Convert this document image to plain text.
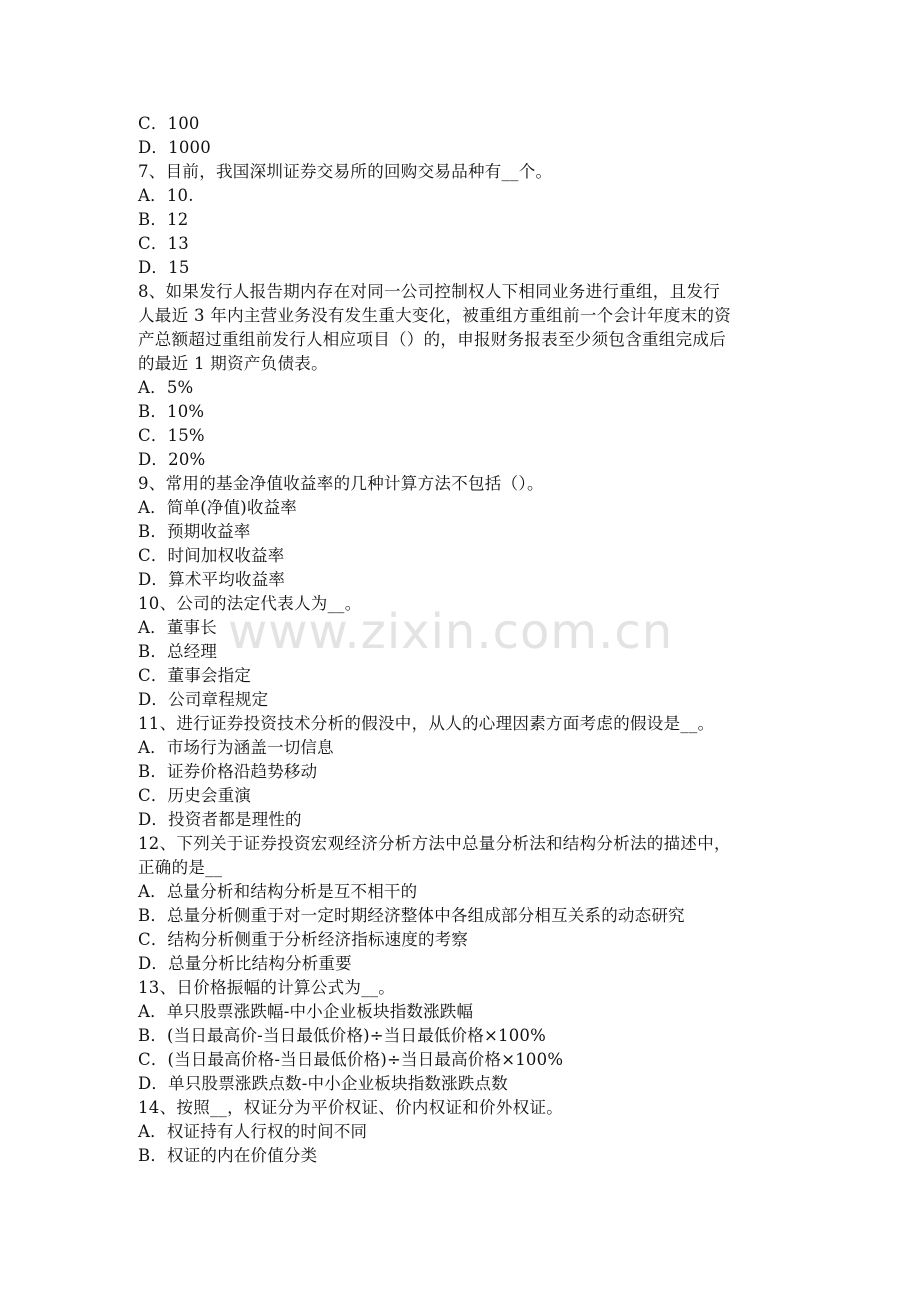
C．100
D．1000
7、目前，我国深圳证券交易所的回购交易品种有__个。
A．10.
B．12
C．13
D．15
8、如果发行人报告期内存在对同一公司控制权人下相同业务进行重组，且发行
人最近 3 年内主营业务没有发生重大变化，被重组方重组前一个会计年度末的资
产总额超过重组前发行人相应项目（）的，申报财务报表至少须包含重组完成后
的最近 1 期资产负债表。
A．5%
B．10%
C．15%
D．20%
9、常用的基金净值收益率的几种计算方法不包括（）。
A．简单(净值)收益率
B．预期收益率
C．时间加权收益率
D．算术平均收益率
10、公司的法定代表人为__。
A．董事长
B．总经理
C．董事会指定
D．公司章程规定
11、进行证券投资技术分析的假没中，从人的心理因素方面考虑的假设是__。
A．市场行为涵盖一切信息
B．证券价格沿趋势移动
C．历史会重演
D．投资者都是理性的
12、下列关于证券投资宏观经济分析方法中总量分析法和结构分析法的描述中，
正确的是__
A．总量分析和结构分析是互不相干的
B．总量分析侧重于对一定时期经济整体中各组成部分相互关系的动态研究
C．结构分析侧重于分析经济指标速度的考察
D．总量分析比结构分析重要
13、日价格振幅的计算公式为__。
A．单只股票涨跌幅-中小企业板块指数涨跌幅
B．(当日最高价-当日最低价格)÷当日最低价格×100%
C．(当日最高价格-当日最低价格)÷当日最高价格×100%
D．单只股票涨跌点数-中小企业板块指数涨跌点数
14、按照__，权证分为平价权证、价内权证和价外权证。
A．权证持有人行权的时间不同
B．权证的内在价值分类
www.zixin.com.cn
